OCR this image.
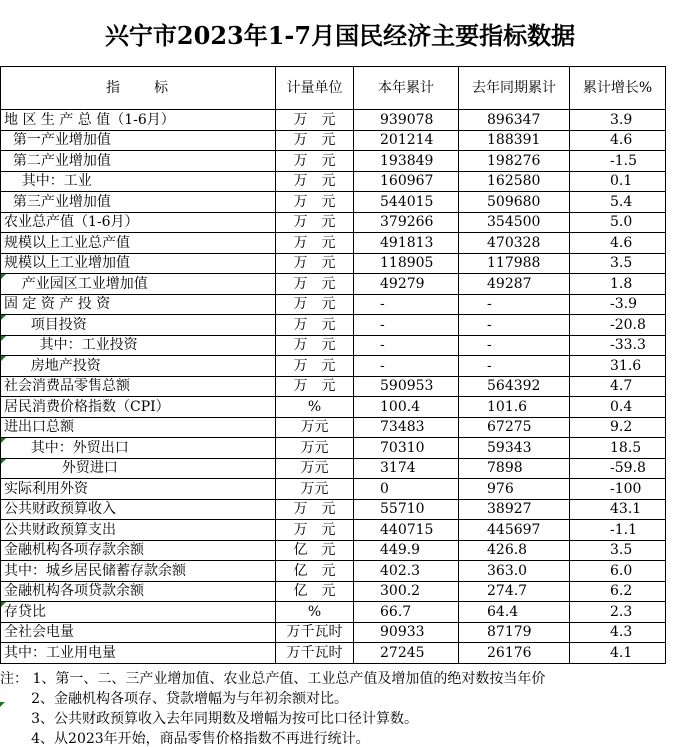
兴宁市2023年1-7月国民经济主要指标数据
指　　标	计量单位	本年累计	去年同期累计	累计增长%
地 区 生 产 总 值（1-6月）	万　元	939078	896347	3.9
第一产业增加值	万　元	201214	188391	4.6
第二产业增加值	万　元	193849	198276	-1.5
其中：工业	万　元	160967	162580	0.1
第三产业增加值	万　元	544015	509680	5.4
农业总产值（1-6月）	万　元	379266	354500	5.0
规模以上工业总产值	万　元	491813	470328	4.6
规模以上工业增加值	万　元	118905	117988	3.5
产业园区工业增加值	万　元	49279	49287	1.8
固 定 资 产 投 资	万　元	-	-	-3.9
项目投资	万　元	-	-	-20.8
其中：工业投资	万　元	-	-	-33.3
房地产投资	万　元	-	-	31.6
社会消费品零售总额	万　元	590953	564392	4.7
居民消费价格指数（CPI）	%	100.4	101.6	0.4
进出口总额	万元	73483	67275	9.2
其中：外贸出口	万元	70310	59343	18.5
外贸进口	万元	3174	7898	-59.8
实际利用外资	万元	0	976	-100
公共财政预算收入	万　元	55710	38927	43.1
公共财政预算支出	万　元	440715	445697	-1.1
金融机构各项存款余额	亿　元	449.9	426.8	3.5
其中：城乡居民储蓄存款余额	亿　元	402.3	363.0	6.0
金融机构各项贷款余额	亿　元	300.2	274.7	6.2
存贷比	%	66.7	64.4	2.3
全社会电量	万千瓦时	90933	87179	4.3
其中：工业用电量	万千瓦时	27245	26176	4.1
注： 1、第一、二、三产业增加值、农业总产值、工业总产值及增加值的绝对数按当年价
2、金融机构各项存、贷款增幅为与年初余额对比。
3、公共财政预算收入去年同期数及增幅为按可比口径计算数。
4、从2023年开始，商品零售价格指数不再进行统计。
